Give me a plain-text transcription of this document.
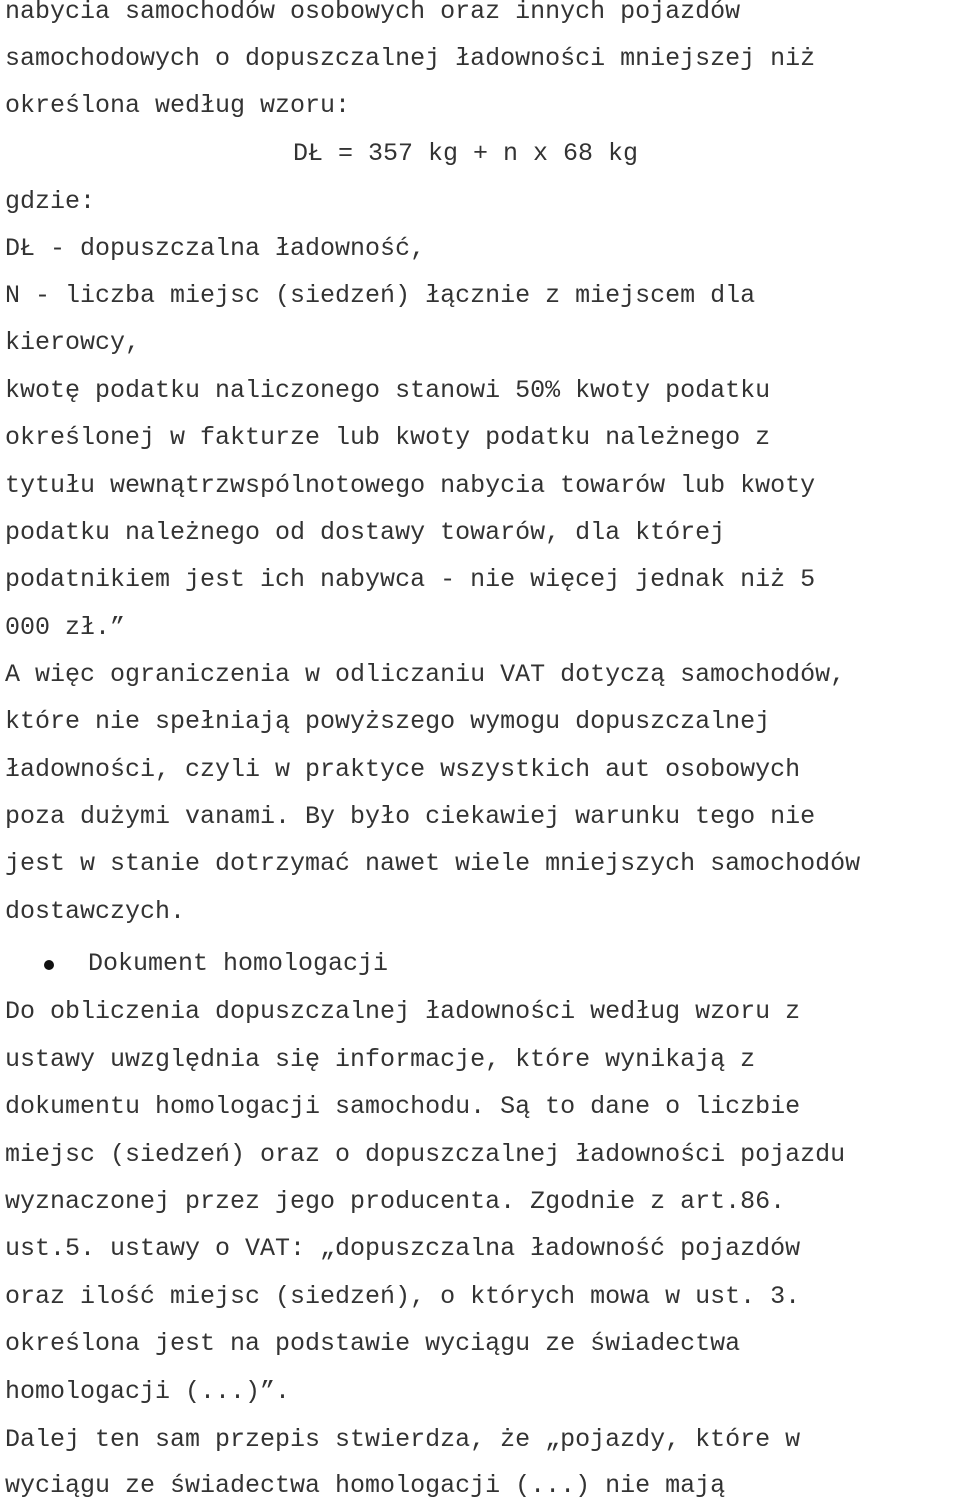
nabycia samochodów osobowych oraz innych pojazdów
samochodowych o dopuszczalnej ładowności mniejszej niż
określona według wzoru:
DŁ = 357 kg + n x 68 kg
gdzie:
DŁ - dopuszczalna ładowność,
N - liczba miejsc (siedzeń) łącznie z miejscem dla
kierowcy,
kwotę podatku naliczonego stanowi 50% kwoty podatku
określonej w fakturze lub kwoty podatku należnego z
tytułu wewnątrzwspólnotowego nabycia towarów lub kwoty
podatku należnego od dostawy towarów, dla której
podatnikiem jest ich nabywca - nie więcej jednak niż 5
000 zł.”
A więc ograniczenia w odliczaniu VAT dotyczą samochodów,
które nie spełniają powyższego wymogu dopuszczalnej
ładowności, czyli w praktyce wszystkich aut osobowych
poza dużymi vanami. By było ciekawiej warunku tego nie
jest w stanie dotrzymać nawet wiele mniejszych samochodów
dostawczych.
Dokument homologacji
Do obliczenia dopuszczalnej ładowności według wzoru z
ustawy uwzględnia się informacje, które wynikają z
dokumentu homologacji samochodu. Są to dane o liczbie
miejsc (siedzeń) oraz o dopuszczalnej ładowności pojazdu
wyznaczonej przez jego producenta. Zgodnie z art.86.
ust.5. ustawy o VAT: „dopuszczalna ładowność pojazdów
oraz ilość miejsc (siedzeń), o których mowa w ust. 3.
określona jest na podstawie wyciągu ze świadectwa
homologacji (...)”.
Dalej ten sam przepis stwierdza, że „pojazdy, które w
wyciągu ze świadectwa homologacji (...) nie mają
